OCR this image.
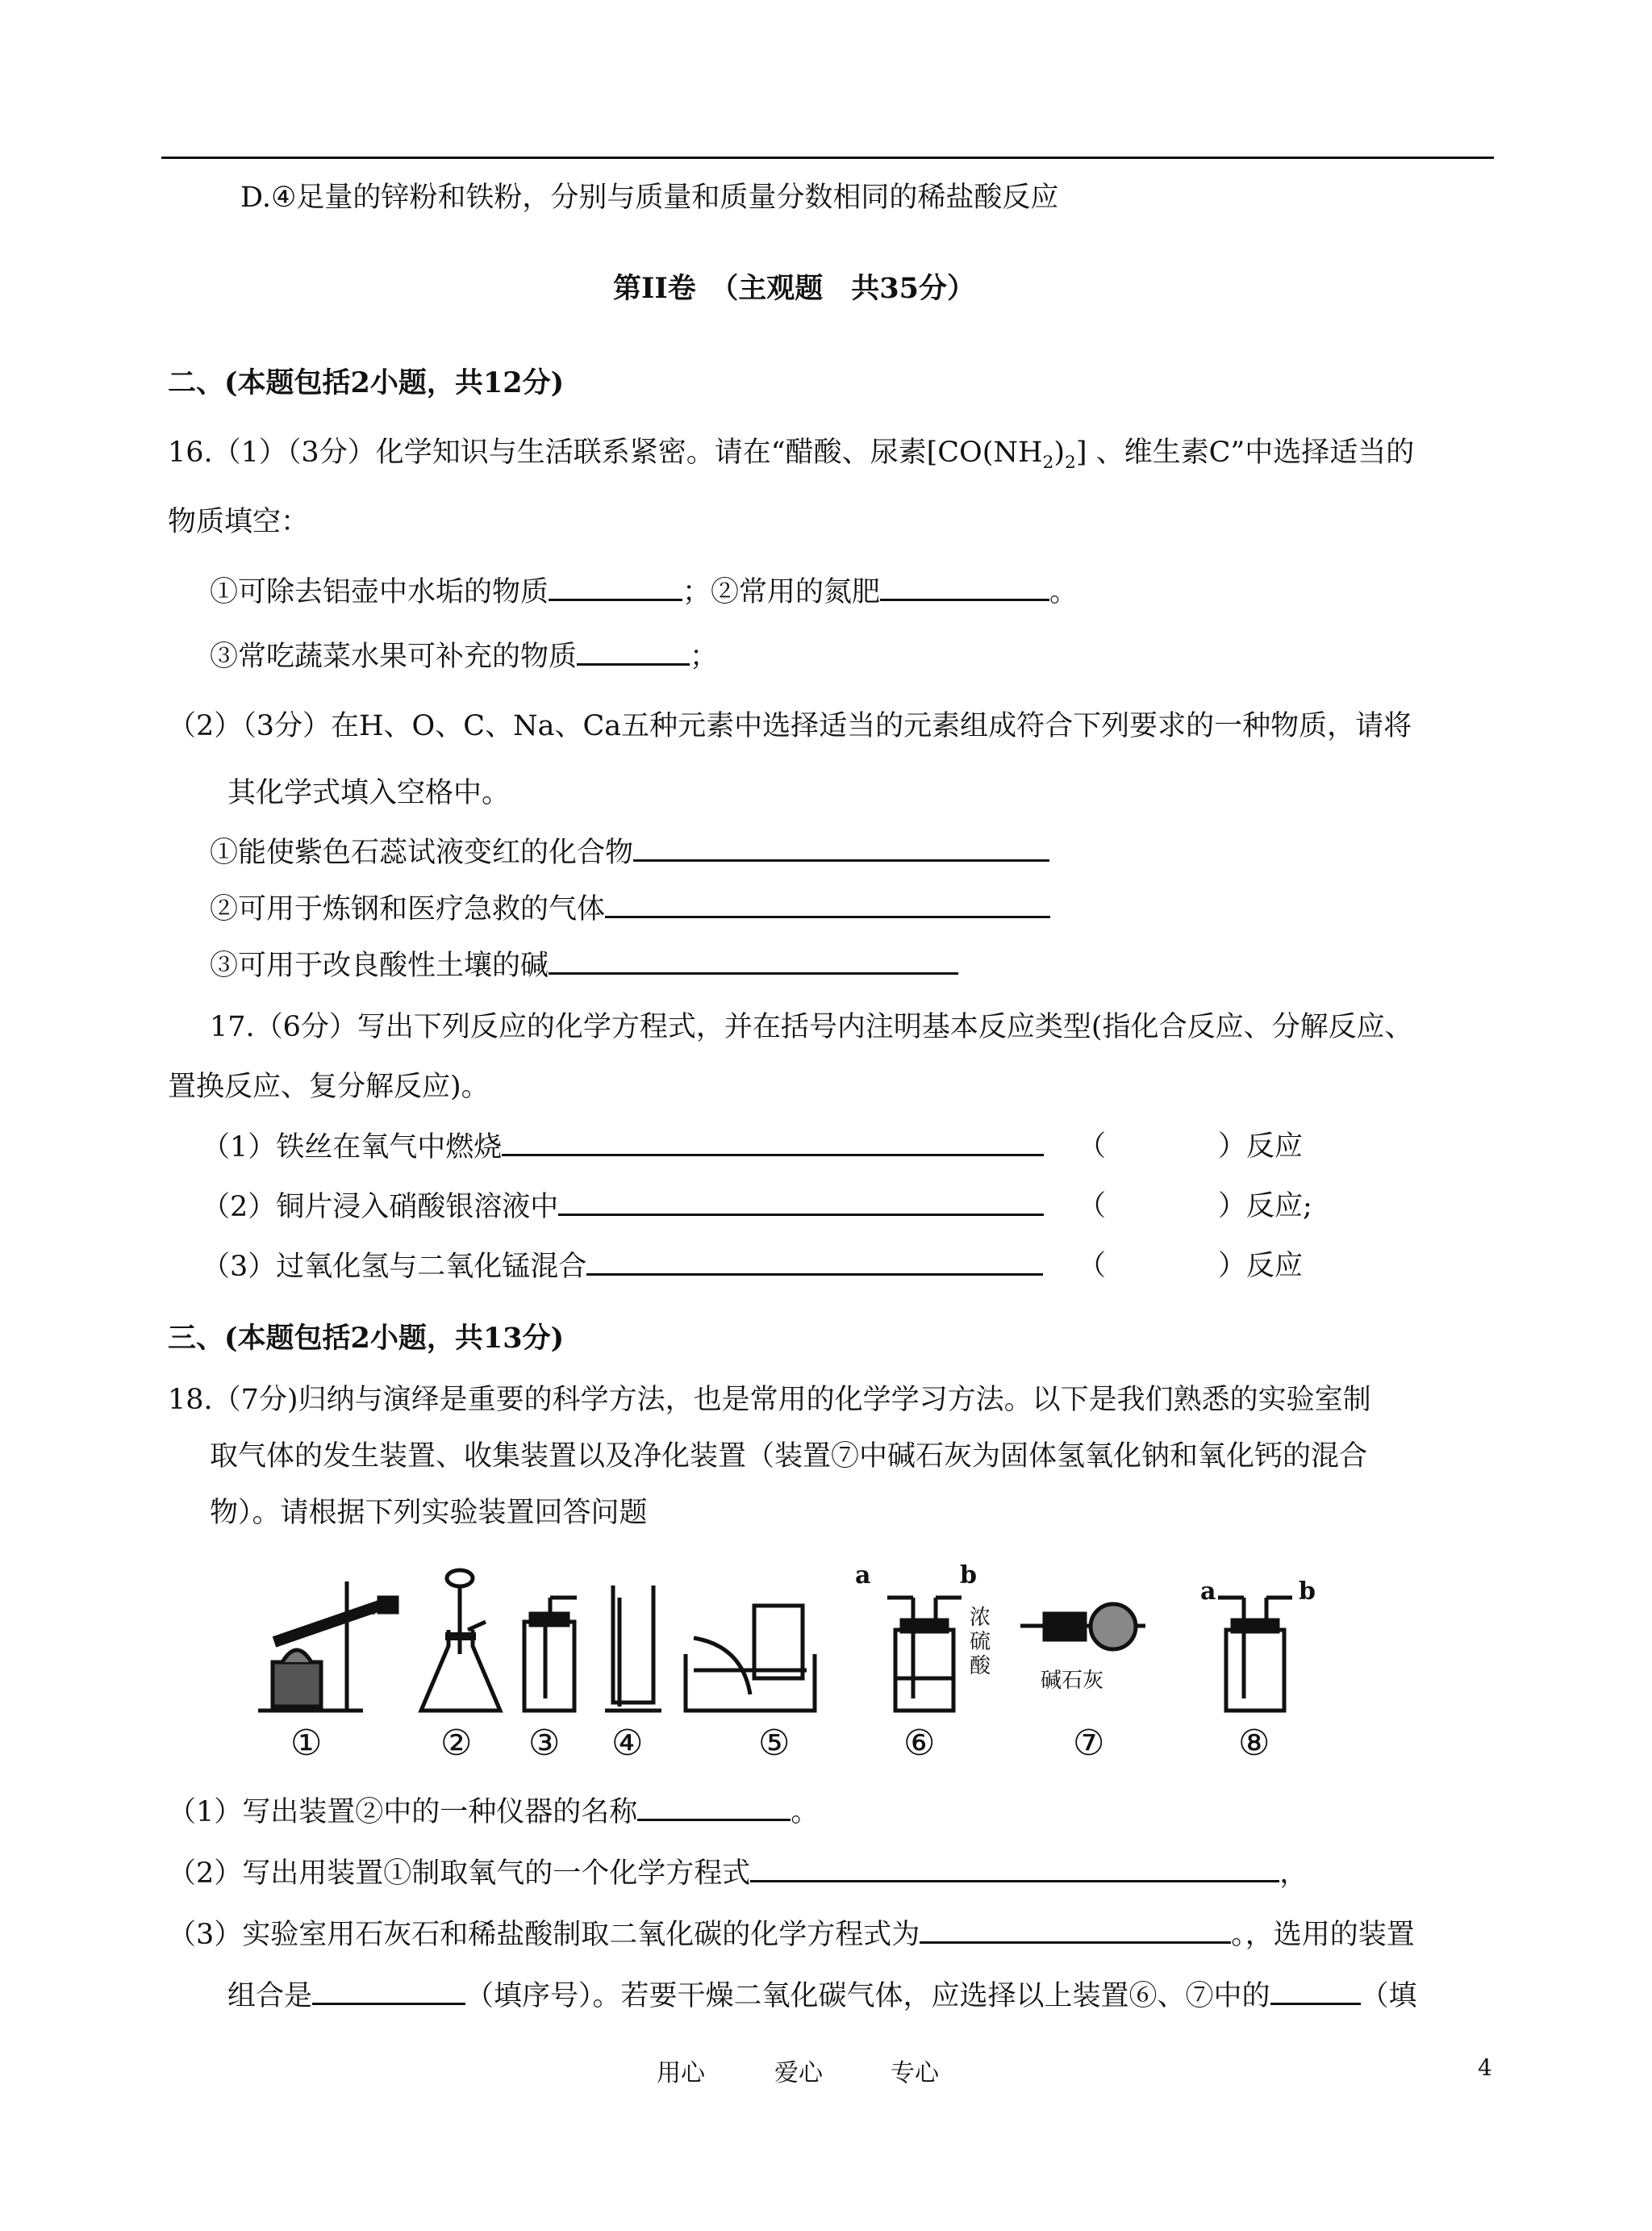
D.④足量的锌粉和铁粉，分别与质量和质量分数相同的稀盐酸反应
第II卷　（主观题　共35分）
二、(本题包括2小题，共12分)
16.（1）（3分）化学知识与生活联系紧密。请在“醋酸、尿素$[CO(NH_2)_2]$ 、维生素C”中选择适当的
物质填空：
①可除去铝壶中水垢的物质	；②常用的氮肥	。
③常吃蔬菜水果可补充的物质	；
（2）（3分）在H、O、C、Na、Ca五种元素中选择适当的元素组成符合下列要求的一种物质，请将
其化学式填入空格中。
①能使紫色石蕊试液变红的化合物
②可用于炼钢和医疗急救的气体
③可用于改良酸性土壤的碱
17.（6分）写出下列反应的化学方程式，并在括号内注明基本反应类型(指化合反应、分解反应、
置换反应、复分解反应)。
（1）铁丝在氧气中燃烧	（	）反应
（2）铜片浸入硝酸银溶液中	（	）反应;
（3）过氧化氢与二氧化锰混合	（	）反应
三、(本题包括2小题，共13分)
18.（7分)归纳与演绎是重要的科学方法，也是常用的化学学习方法。以下是我们熟悉的实验室制
取气体的发生装置、收集装置以及净化装置（装置⑦中碱石灰为固体氢氧化钠和氧化钙的混合
物）。请根据下列实验装置回答问题
①	② ③ ④	⑤	⑥	⑦	⑧
a	b
a	b
浓
硫
酸
碱石灰
（1）写出装置②中的一种仪器的名称	。
（2）写出用装置①制取氧气的一个化学方程式	，
（3）实验室用石灰石和稀盐酸制取二氧化碳的化学方程式为	。，选用的装置
组合是	（填序号）。若要干燥二氧化碳气体，应选择以上装置⑥、⑦中的	（填
用心	爱心	专心	4
